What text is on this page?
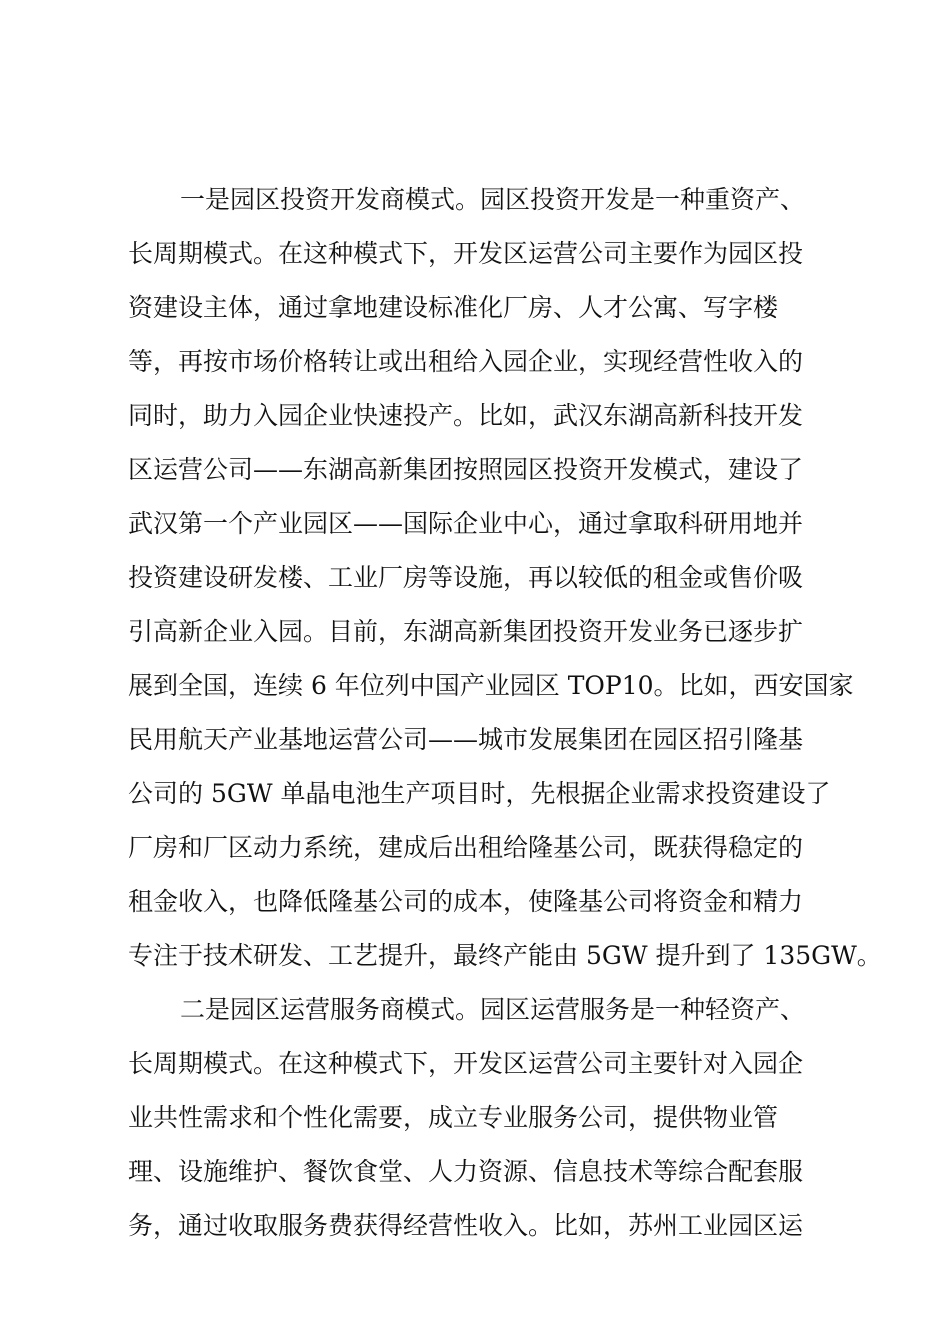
一是园区投资开发商模式。园区投资开发是一种重资产、
长周期模式。在这种模式下，开发区运营公司主要作为园区投
资建设主体，通过拿地建设标准化厂房、人才公寓、写字楼
等，再按市场价格转让或出租给入园企业，实现经营性收入的
同时，助力入园企业快速投产。比如，武汉东湖高新科技开发
区运营公司——东湖高新集团按照园区投资开发模式，建设了
武汉第一个产业园区——国际企业中心，通过拿取科研用地并
投资建设研发楼、工业厂房等设施，再以较低的租金或售价吸
引高新企业入园。目前，东湖高新集团投资开发业务已逐步扩
展到全国，连续 6 年位列中国产业园区 TOP10。比如，西安国家
民用航天产业基地运营公司——城市发展集团在园区招引隆基
公司的 5GW 单晶电池生产项目时，先根据企业需求投资建设了
厂房和厂区动力系统，建成后出租给隆基公司，既获得稳定的
租金收入，也降低隆基公司的成本，使隆基公司将资金和精力
专注于技术研发、工艺提升，最终产能由 5GW 提升到了 135GW。
二是园区运营服务商模式。园区运营服务是一种轻资产、
长周期模式。在这种模式下，开发区运营公司主要针对入园企
业共性需求和个性化需要，成立专业服务公司，提供物业管
理、设施维护、餐饮食堂、人力资源、信息技术等综合配套服
务，通过收取服务费获得经营性收入。比如，苏州工业园区运
